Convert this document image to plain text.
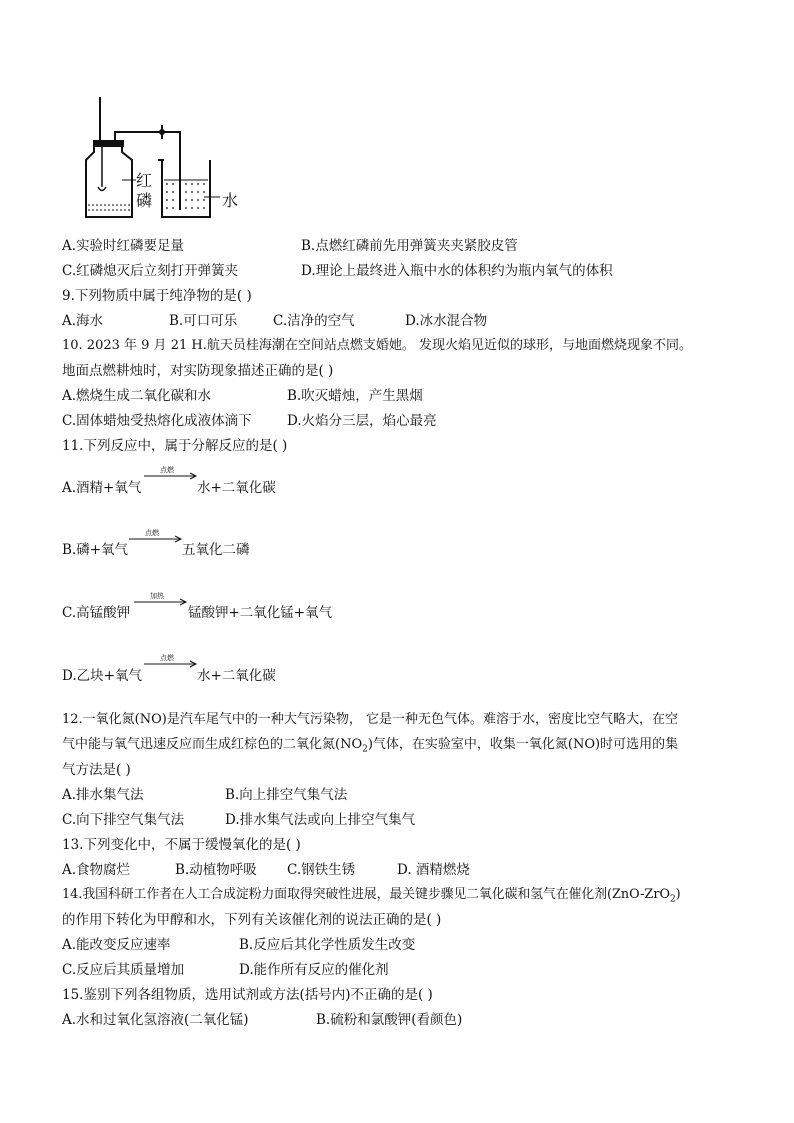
红
磷	水
A.实验时红磷要足量	B.点燃红磷前先用弹簧夹夹紧胶皮管
C.红磷熄灭后立刻打开弹簧夹	D.理论上最终进入瓶中水的体积约为瓶内氧气的体积
9.下列物质中属于纯净物的是( )
A.海水	B.可口可乐	C.洁净的空气	D.冰水混合物
10. 2023 年 9 月 21 H.航天员桂海潮在空间站点燃支婚她。 发现火焰见近似的球形，与地面燃烧现象不同。
地面点燃耕烛时，对实防现象描述正确的是( )
A.燃烧生成二氧化碳和水	B.吹灭蜡烛，产生黑烟
C.固体蜡烛受热熔化成液体滴下	D.火焰分三层，焰心最亮
11.下列反应中，属于分解反应的是( )
A.酒精+氧气
点燃
水+二氧化碳
B.磷+氧气
点燃
五氧化二磷
C.高锰酸钾
加热
锰酸钾+二氧化锰+氧气
D.乙块+氧气
点燃
水+二氧化碳
12.一氧化氮(NO)是汽车尾气中的一种大气污染物， 它是一种无色气体。难溶于水，密度比空气略大，在空
气中能与氧气迅速反应而生成红棕色的二氧化氮$(NO_2)$气体，在实验室中，收集一氧化氮(NO)时可选用的集
气方法是( )
A.排水集气法	B.向上排空气集气法
C.向下排空气集气法	D.排水集气法或向上排空气集气
13.下列变化中，不属于缓慢氧化的是( )
A.食物腐烂	B.动植物呼吸 C.钢铁生锈	D. 酒精燃烧
14.我国科研工作者在人工合成淀粉力面取得突破性进展，最关键步骤见二氧化碳和氢气在催化剂(ZnO-ZrO$_2$)
的作用下转化为甲醇和水，下列有关该催化剂的说法正确的是( )
A.能改变反应速率	B.反应后其化学性质发生改变
C.反应后其质量增加	D.能作所有反应的催化剂
15.鉴别下列各组物质，选用试剂或方法(括号内)不正确的是( )
A.水和过氧化氢溶液(二氧化锰)	B.硫粉和氯酸钾(看颜色)
